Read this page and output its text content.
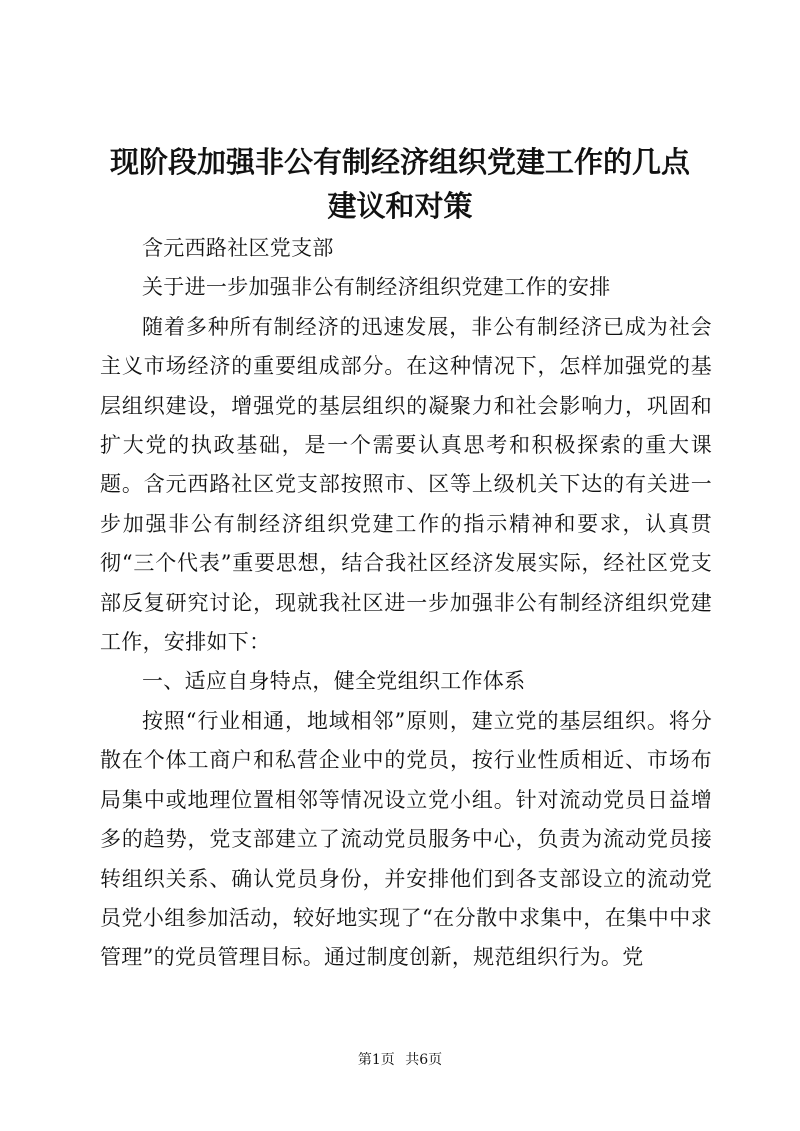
现阶段加强非公有制经济组织党建工作的几点建议和对策

含元西路社区党支部

关于进一步加强非公有制经济组织党建工作的安排

随着多种所有制经济的迅速发展，非公有制经济已成为社会主义市场经济的重要组成部分。在这种情况下，怎样加强党的基层组织建设，增强党的基层组织的凝聚力和社会影响力，巩固和扩大党的执政基础，是一个需要认真思考和积极探索的重大课题。含元西路社区党支部按照市、区等上级机关下达的有关进一步加强非公有制经济组织党建工作的指示精神和要求，认真贯彻“三个代表”重要思想，结合我社区经济发展实际，经社区党支部反复研究讨论，现就我社区进一步加强非公有制经济组织党建工作，安排如下：

一、适应自身特点，健全党组织工作体系

按照“行业相通，地域相邻”原则，建立党的基层组织。将分散在个体工商户和私营企业中的党员，按行业性质相近、市场布局集中或地理位置相邻等情况设立党小组。针对流动党员日益增多的趋势，党支部建立了流动党员服务中心，负责为流动党员接转组织关系、确认党员身份，并安排他们到各支部设立的流动党员党小组参加活动，较好地实现了“在分散中求集中，在集中中求管理”的党员管理目标。通过制度创新，规范组织行为。党

第1页 共6页
